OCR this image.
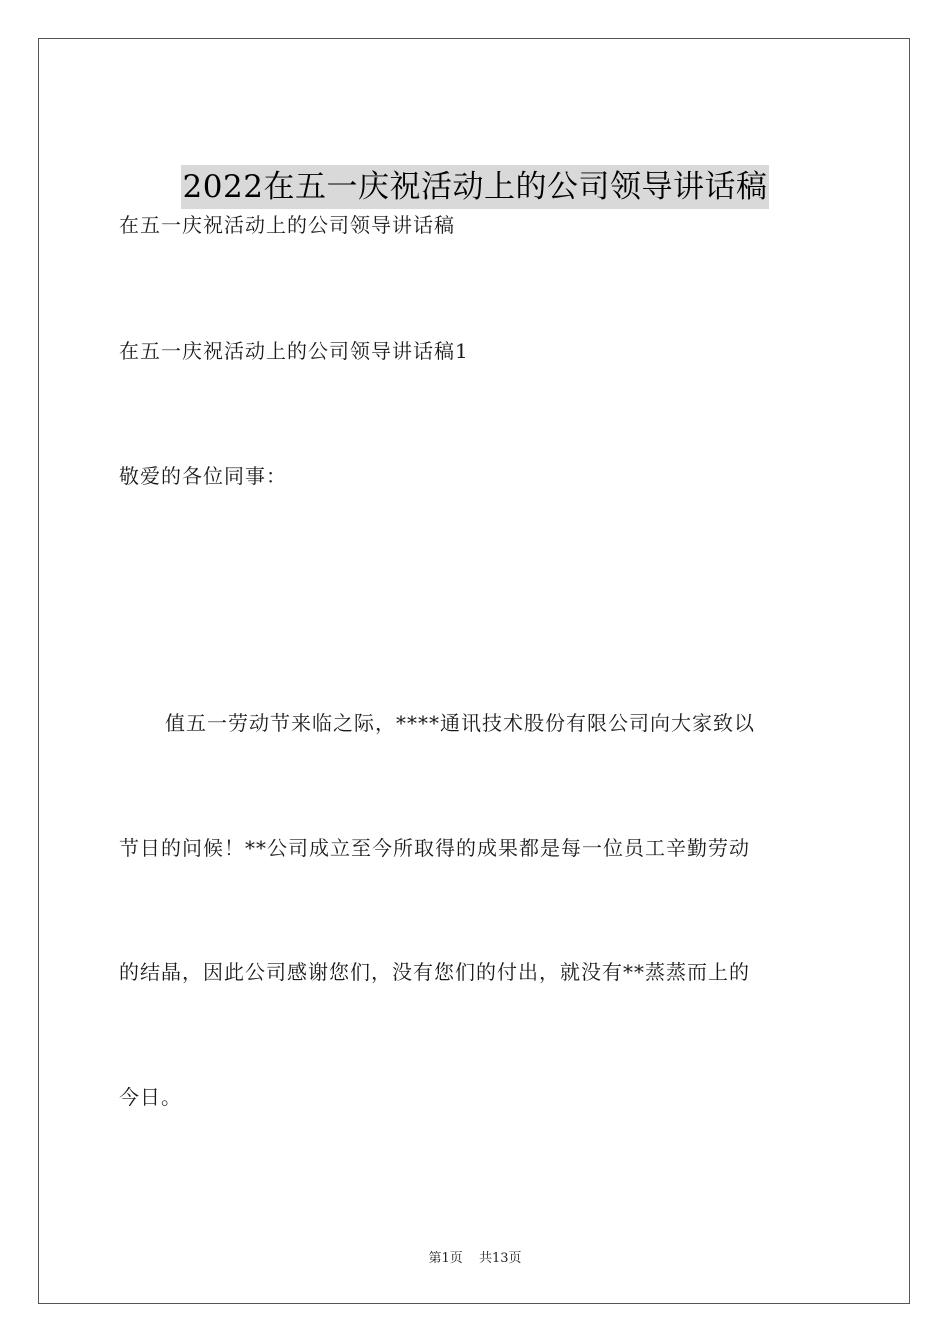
2022在五一庆祝活动上的公司领导讲话稿
在五一庆祝活动上的公司领导讲话稿
在五一庆祝活动上的公司领导讲话稿1
敬爱的各位同事：
值五一劳动节来临之际，****通讯技术股份有限公司向大家致以
节日的问候！**公司成立至今所取得的成果都是每一位员工辛勤劳动
的结晶，因此公司感谢您们，没有您们的付出，就没有**蒸蒸而上的
今日。
第1页 共13页
